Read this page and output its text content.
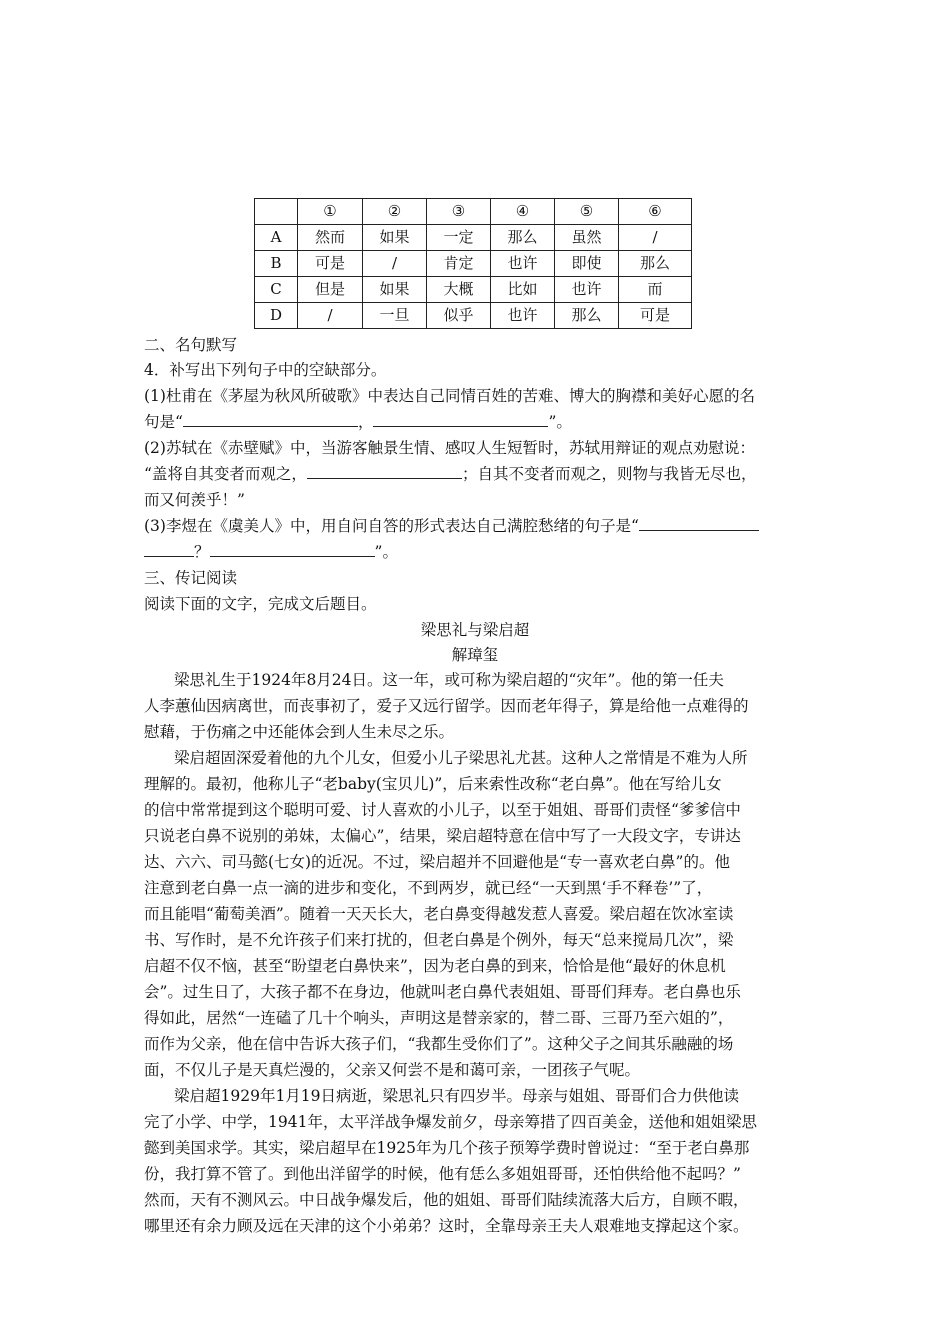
	①	②	③	④	⑤	⑥
A	然而	如果	一定	那么	虽然	/
B	可是	/	肯定	也许	即使	那么
C	但是	如果	大概	比如	也许	而
D	/	一旦	似乎	也许	那么	可是
二、名句默写
4．补写出下列句子中的空缺部分。
(1)杜甫在《茅屋为秋风所破歌》中表达自己同情百姓的苦难、博大的胸襟和美好心愿的名
句是“	，	”。
(2)苏轼在《赤壁赋》中，当游客触景生情、感叹人生短暂时，苏轼用辩证的观点劝慰说：
“盖将自其变者而观之，	；自其不变者而观之，则物与我皆无尽也，
而又何羡乎！”
(3)李煜在《虞美人》中，用自问自答的形式表达自己满腔愁绪的句子是“
？	”。
三、传记阅读
阅读下面的文字，完成文后题目。
梁思礼与梁启超
解璋玺
梁思礼生于1924年8月24日。这一年，或可称为梁启超的“灾年”。他的第一任夫
人李蕙仙因病离世，而丧事初了，爱子又远行留学。因而老年得子，算是给他一点难得的
慰藉，于伤痛之中还能体会到人生未尽之乐。
梁启超固深爱着他的九个儿女，但爱小儿子梁思礼尤甚。这种人之常情是不难为人所
理解的。最初，他称儿子“老baby(宝贝儿)”，后来索性改称“老白鼻”。他在写给儿女
的信中常常提到这个聪明可爱、讨人喜欢的小儿子，以至于姐姐、哥哥们责怪“爹爹信中
只说老白鼻不说别的弟妹，太偏心”，结果，梁启超特意在信中写了一大段文字，专讲达
达、六六、司马懿(七女)的近况。不过，梁启超并不回避他是“专一喜欢老白鼻”的。他
注意到老白鼻一点一滴的进步和变化，不到两岁，就已经“一天到黑‘手不释卷’”了，
而且能唱“葡萄美酒”。随着一天天长大，老白鼻变得越发惹人喜爱。梁启超在饮冰室读
书、写作时，是不允许孩子们来打扰的，但老白鼻是个例外，每天“总来搅局几次”，梁
启超不仅不恼，甚至“盼望老白鼻快来”，因为老白鼻的到来，恰恰是他“最好的休息机
会”。过生日了，大孩子都不在身边，他就叫老白鼻代表姐姐、哥哥们拜寿。老白鼻也乐
得如此，居然“一连磕了几十个响头，声明这是替亲家的，替二哥、三哥乃至六姐的”，
而作为父亲，他在信中告诉大孩子们，“我都生受你们了”。这种父子之间其乐融融的场
面，不仅儿子是天真烂漫的，父亲又何尝不是和蔼可亲，一团孩子气呢。
梁启超1929年1月19日病逝，梁思礼只有四岁半。母亲与姐姐、哥哥们合力供他读
完了小学、中学，1941年，太平洋战争爆发前夕，母亲筹措了四百美金，送他和姐姐梁思
懿到美国求学。其实，梁启超早在1925年为几个孩子预筹学费时曾说过：“至于老白鼻那
份，我打算不管了。到他出洋留学的时候，他有恁么多姐姐哥哥，还怕供给他不起吗？”
然而，天有不测风云。中日战争爆发后，他的姐姐、哥哥们陆续流落大后方，自顾不暇，
哪里还有余力顾及远在天津的这个小弟弟？这时，全靠母亲王夫人艰难地支撑起这个家。
